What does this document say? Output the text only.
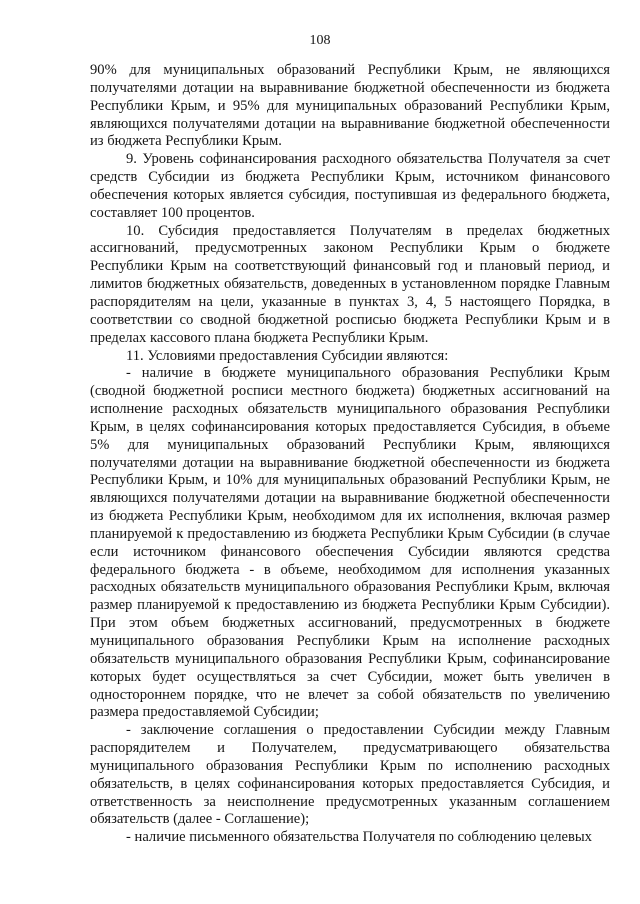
108

90% для муниципальных образований Республики Крым, не являющихся получателями дотации на выравнивание бюджетной обеспеченности из бюджета Республики Крым, и 95% для муниципальных образований Республики Крым, являющихся получателями дотации на выравнивание бюджетной обеспеченности из бюджета Республики Крым.

9. Уровень софинансирования расходного обязательства Получателя за счет средств Субсидии из бюджета Республики Крым, источником финансового обеспечения которых является субсидия, поступившая из федерального бюджета, составляет 100 процентов.

10. Субсидия предоставляется Получателям в пределах бюджетных ассигнований, предусмотренных законом Республики Крым о бюджете Республики Крым на соответствующий финансовый год и плановый период, и лимитов бюджетных обязательств, доведенных в установленном порядке Главным распорядителям на цели, указанные в пунктах 3, 4, 5 настоящего Порядка, в соответствии со сводной бюджетной росписью бюджета Республики Крым и в пределах кассового плана бюджета Республики Крым.

11. Условиями предоставления Субсидии являются:

- наличие в бюджете муниципального образования Республики Крым (сводной бюджетной росписи местного бюджета) бюджетных ассигнований на исполнение расходных обязательств муниципального образования Республики Крым, в целях софинансирования которых предоставляется Субсидия, в объеме 5% для муниципальных образований Республики Крым, являющихся получателями дотации на выравнивание бюджетной обеспеченности из бюджета Республики Крым, и 10% для муниципальных образований Республики Крым, не являющихся получателями дотации на выравнивание бюджетной обеспеченности из бюджета Республики Крым, необходимом для их исполнения, включая размер планируемой к предоставлению из бюджета Республики Крым Субсидии (в случае если источником финансового обеспечения Субсидии являются средства федерального бюджета - в объеме, необходимом для исполнения указанных расходных обязательств муниципального образования Республики Крым, включая размер планируемой к предоставлению из бюджета Республики Крым Субсидии). При этом объем бюджетных ассигнований, предусмотренных в бюджете муниципального образования Республики Крым на исполнение расходных обязательств муниципального образования Республики Крым, софинансирование которых будет осуществляться за счет Субсидии, может быть увеличен в одностороннем порядке, что не влечет за собой обязательств по увеличению размера предоставляемой Субсидии;

- заключение соглашения о предоставлении Субсидии между Главным распорядителем и Получателем, предусматривающего обязательства муниципального образования Республики Крым по исполнению расходных обязательств, в целях софинансирования которых предоставляется Субсидия, и ответственность за неисполнение предусмотренных указанным соглашением обязательств (далее - Соглашение);

- наличие письменного обязательства Получателя по соблюдению целевых
